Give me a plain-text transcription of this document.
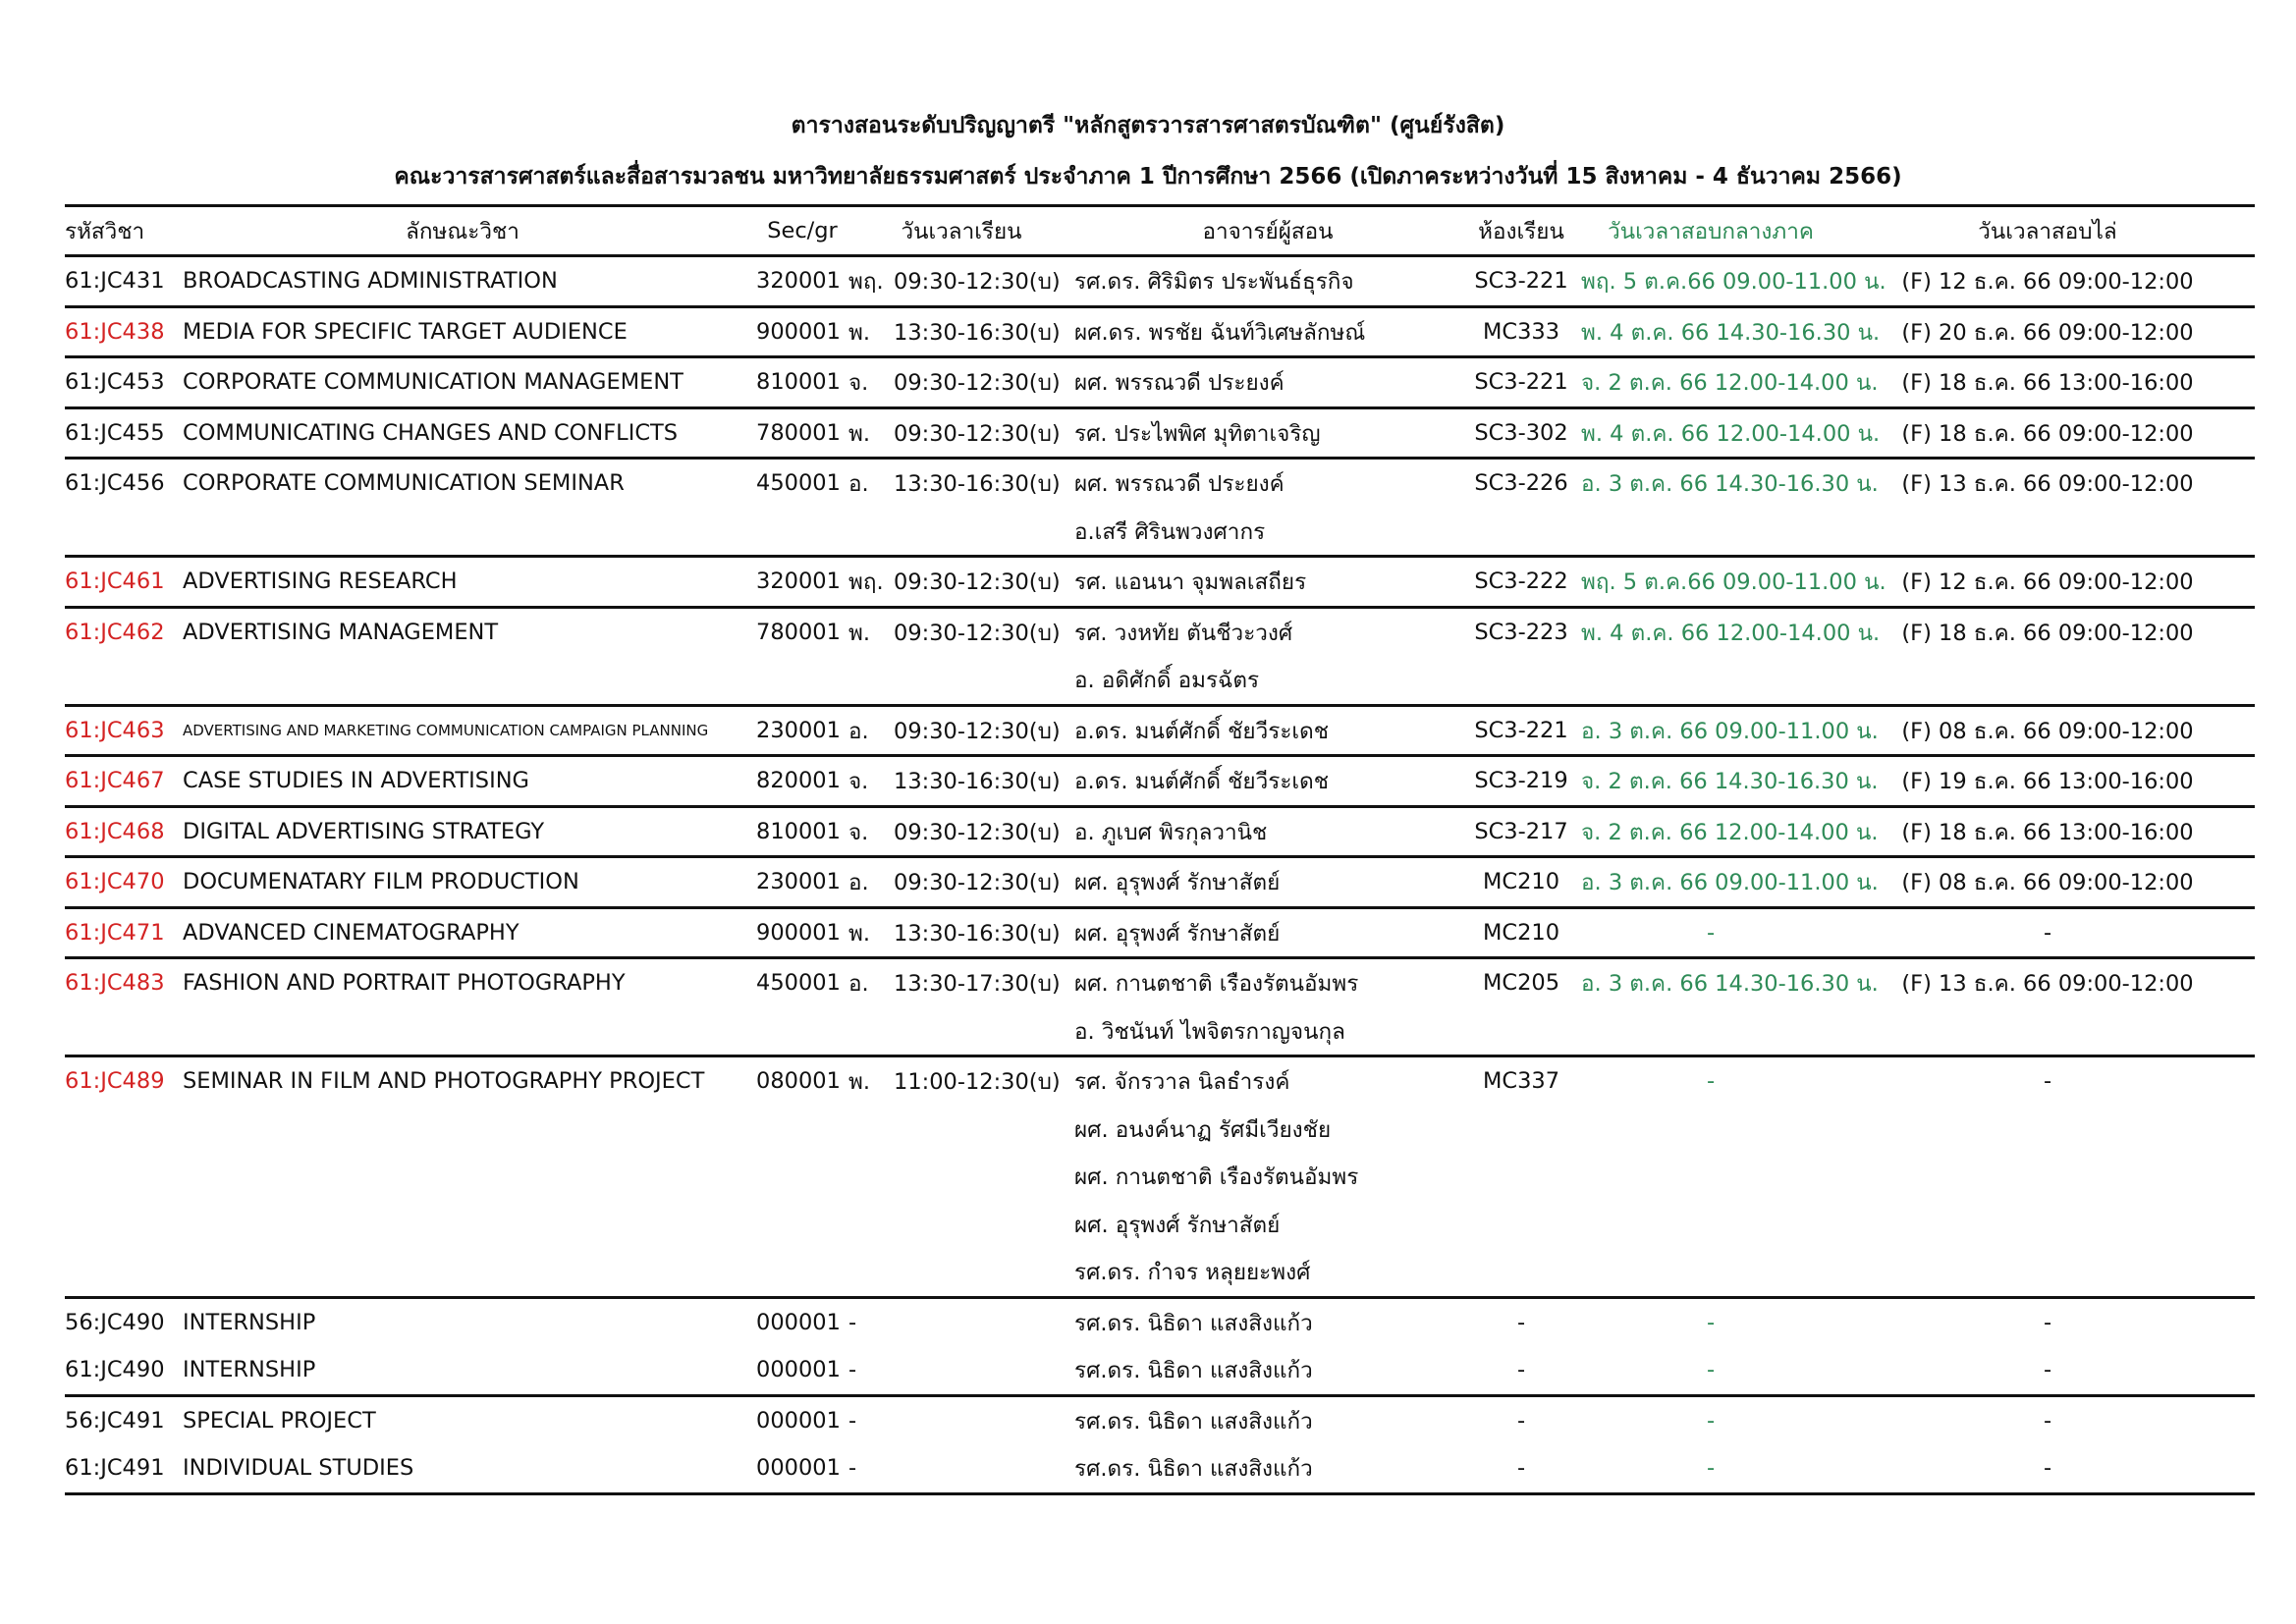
ตารางสอนระดับปริญญาตรี "หลักสูตรวารสารศาสตรบัณฑิต" (ศูนย์รังสิต)
คณะวารสารศาสตร์และสื่อสารมวลชน มหาวิทยาลัยธรรมศาสตร์ ประจำภาค 1 ปีการศึกษา 2566 (เปิดภาคระหว่างวันที่ 15 สิงหาคม - 4 ธันวาคม 2566)
รหัสวิชา	ลักษณะวิชา	Sec/gr	วันเวลาเรียน	อาจารย์ผู้สอน	ห้องเรียน	วันเวลาสอบกลางภาค	วันเวลาสอบไล่
61:JC431	BROADCASTING ADMINISTRATION	320001	พฤ. 09:30-12:30(บ)	รศ.ดร. ศิริมิตร ประพันธ์ธุรกิจ	SC3-221	พฤ. 5 ต.ค.66 09.00-11.00 น.	(F) 12 ธ.ค. 66 09:00-12:00
61:JC438	MEDIA FOR SPECIFIC TARGET AUDIENCE	900001	พ. 13:30-16:30(บ)	ผศ.ดร. พรชัย ฉันท์วิเศษลักษณ์	MC333	พ. 4 ต.ค. 66 14.30-16.30 น.	(F) 20 ธ.ค. 66 09:00-12:00
61:JC453	CORPORATE COMMUNICATION MANAGEMENT	810001	จ. 09:30-12:30(บ)	ผศ. พรรณวดี ประยงค์	SC3-221	จ. 2 ต.ค. 66 12.00-14.00 น.	(F) 18 ธ.ค. 66 13:00-16:00
61:JC455	COMMUNICATING CHANGES AND CONFLICTS	780001	พ. 09:30-12:30(บ)	รศ. ประไพพิศ มุทิตาเจริญ	SC3-302	พ. 4 ต.ค. 66 12.00-14.00 น.	(F) 18 ธ.ค. 66 09:00-12:00
61:JC456	CORPORATE COMMUNICATION SEMINAR	450001	อ. 13:30-16:30(บ)	ผศ. พรรณวดี ประยงค์	SC3-226	อ. 3 ต.ค. 66 14.30-16.30 น.	(F) 13 ธ.ค. 66 09:00-12:00
				อ.เสรี ศิรินพวงศากร			
61:JC461	ADVERTISING RESEARCH	320001	พฤ. 09:30-12:30(บ)	รศ. แอนนา จุมพลเสถียร	SC3-222	พฤ. 5 ต.ค.66 09.00-11.00 น.	(F) 12 ธ.ค. 66 09:00-12:00
61:JC462	ADVERTISING MANAGEMENT	780001	พ. 09:30-12:30(บ)	รศ. วงหทัย ตันชีวะวงศ์	SC3-223	พ. 4 ต.ค. 66 12.00-14.00 น.	(F) 18 ธ.ค. 66 09:00-12:00
				อ. อดิศักดิ์ อมรฉัตร			
61:JC463	ADVERTISING AND MARKETING COMMUNICATION CAMPAIGN PLANNING	230001	อ. 09:30-12:30(บ)	อ.ดร. มนต์ศักดิ์ ชัยวีระเดช	SC3-221	อ. 3 ต.ค. 66 09.00-11.00 น.	(F) 08 ธ.ค. 66 09:00-12:00
61:JC467	CASE STUDIES IN ADVERTISING	820001	จ. 13:30-16:30(บ)	อ.ดร. มนต์ศักดิ์ ชัยวีระเดช	SC3-219	จ. 2 ต.ค. 66 14.30-16.30 น.	(F) 19 ธ.ค. 66 13:00-16:00
61:JC468	DIGITAL ADVERTISING STRATEGY	810001	จ. 09:30-12:30(บ)	อ. ภูเบศ พิรกุลวานิช	SC3-217	จ. 2 ต.ค. 66 12.00-14.00 น.	(F) 18 ธ.ค. 66 13:00-16:00
61:JC470	DOCUMENATARY FILM PRODUCTION	230001	อ. 09:30-12:30(บ)	ผศ. อุรุพงศ์ รักษาสัตย์	MC210	อ. 3 ต.ค. 66 09.00-11.00 น.	(F) 08 ธ.ค. 66 09:00-12:00
61:JC471	ADVANCED CINEMATOGRAPHY	900001	พ. 13:30-16:30(บ)	ผศ. อุรุพงศ์ รักษาสัตย์	MC210	-	-
61:JC483	FASHION AND PORTRAIT PHOTOGRAPHY	450001	อ. 13:30-17:30(บ)	ผศ. กานตชาติ เรืองรัตนอัมพร	MC205	อ. 3 ต.ค. 66 14.30-16.30 น.	(F) 13 ธ.ค. 66 09:00-12:00
				อ. วิชนันท์ ไพจิตรกาญจนกุล			
61:JC489	SEMINAR IN FILM AND PHOTOGRAPHY PROJECT	080001	พ. 11:00-12:30(บ)	รศ. จักรวาล นิลธำรงค์	MC337	-	-
				ผศ. อนงค์นาฏ รัศมีเวียงชัย			
				ผศ. กานตชาติ เรืองรัตนอัมพร			
				ผศ. อุรุพงศ์ รักษาสัตย์			
				รศ.ดร. กำจร หลุยยะพงศ์			
56:JC490	INTERNSHIP	000001	-	รศ.ดร. นิธิดา แสงสิงแก้ว	-	-	-
61:JC490	INTERNSHIP	000001	-	รศ.ดร. นิธิดา แสงสิงแก้ว	-	-	-
56:JC491	SPECIAL PROJECT	000001	-	รศ.ดร. นิธิดา แสงสิงแก้ว	-	-	-
61:JC491	INDIVIDUAL STUDIES	000001	-	รศ.ดร. นิธิดา แสงสิงแก้ว	-	-	-
